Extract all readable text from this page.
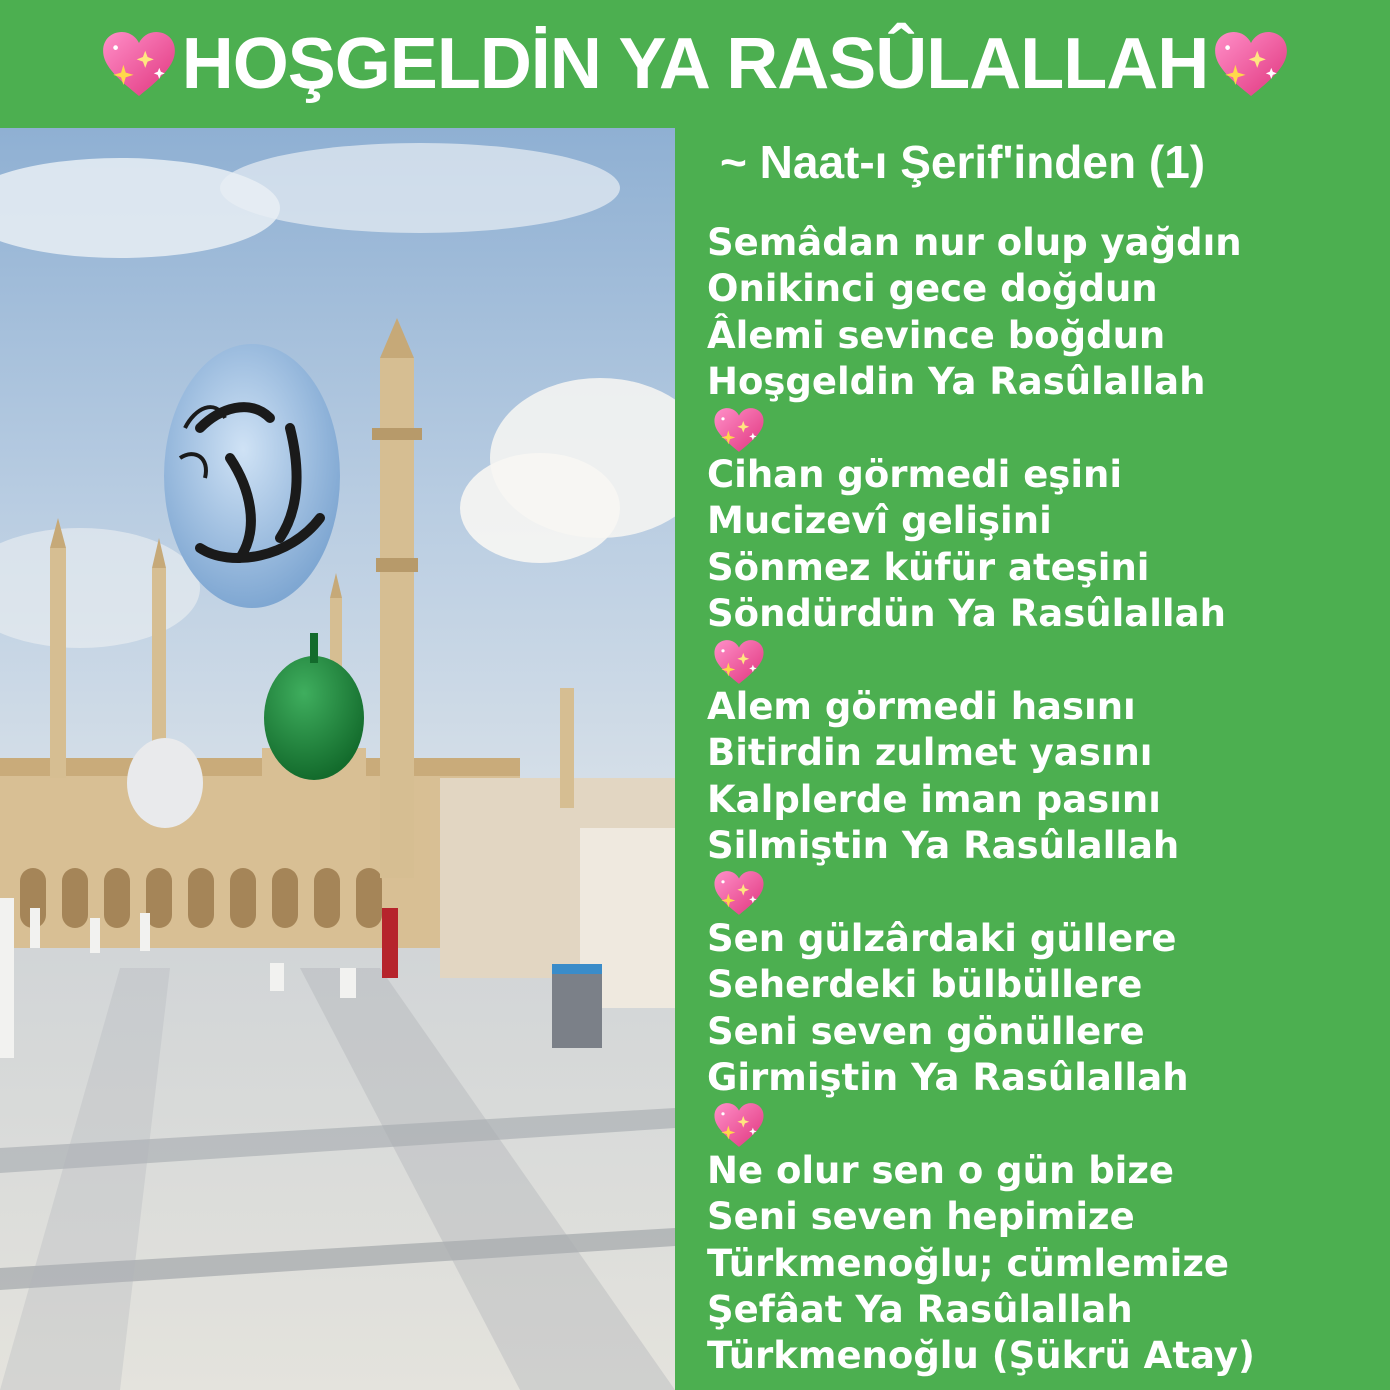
HOŞGELDİN YA RASÛLALLAH
~ Naat-ı Şerif'inden (1)
Semâdan nur olup yağdın
Onikinci gece doğdun
Âlemi sevince boğdun
Hoşgeldin Ya Rasûlallah
Cihan görmedi eşini
Mucizevî gelişini
Sönmez küfür ateşini
Söndürdün Ya Rasûlallah
Alem görmedi hasını
Bitirdin zulmet yasını
Kalplerde iman pasını
Silmiştin Ya Rasûlallah
Sen gülzârdaki güllere
Seherdeki bülbüllere
Seni seven gönüllere
Girmiştin Ya Rasûlallah
Ne olur sen o gün bize
Seni seven hepimize
Türkmenoğlu; cümlemize
Şefâat Ya Rasûlallah
Türkmenoğlu (Şükrü Atay)
